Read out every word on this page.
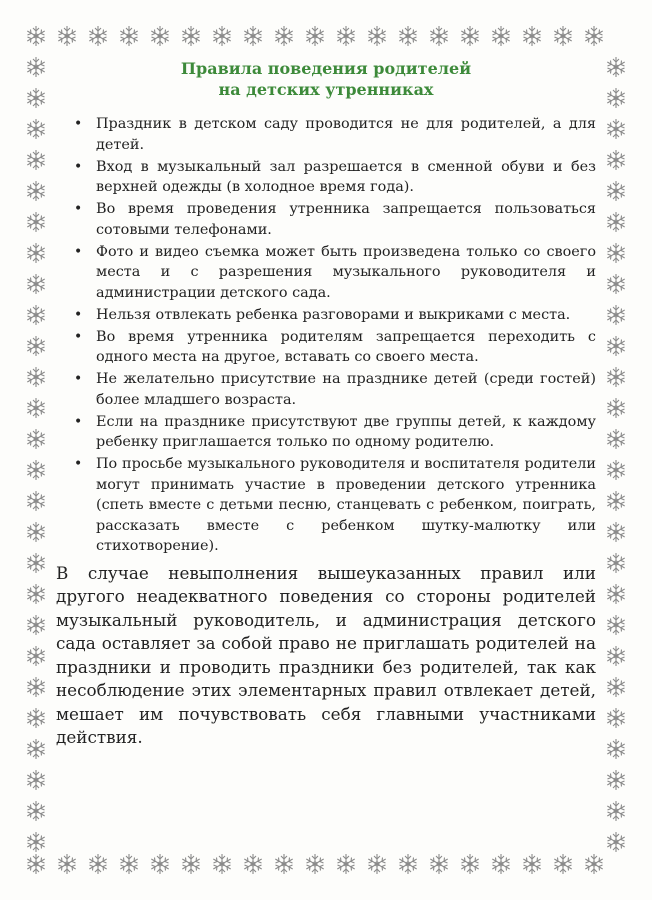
Правила поведения родителей
на детских утренниках
• Праздник в детском саду проводится не для родителей, а для детей.
• Вход в музыкальный зал разрешается в сменной обуви и без верхней одежды (в холодное время года).
• Во время проведения утренника запрещается пользоваться сотовыми телефонами.
• Фото и видео съемка может быть произведена только со своего места и с разрешения музыкального руководителя и администрации детского сада.
• Нельзя отвлекать ребенка разговорами и выкриками с места.
• Во время утренника родителям запрещается переходить с одного места на другое, вставать со своего места.
• Не желательно присутствие на празднике детей (среди гостей) более младшего возраста.
• Если на празднике присутствуют две группы детей, к каждому ребенку приглашается только по одному родителю.
• По просьбе музыкального руководителя и воспитателя родители могут принимать участие в проведении детского утренника (спеть вместе с детьми песню, станцевать с ребенком, поиграть, рассказать вместе с ребенком шутку-малютку или стихотворение).

В случае невыполнения вышеуказанных правил или другого неадекватного поведения со стороны родителей музыкальный руководитель, и администрация детского сада оставляет за собой право не приглашать родителей на праздники и проводить праздники без родителей, так как несоблюдение этих элементарных правил отвлекает детей, мешает им почувствовать себя главными участниками действия.
